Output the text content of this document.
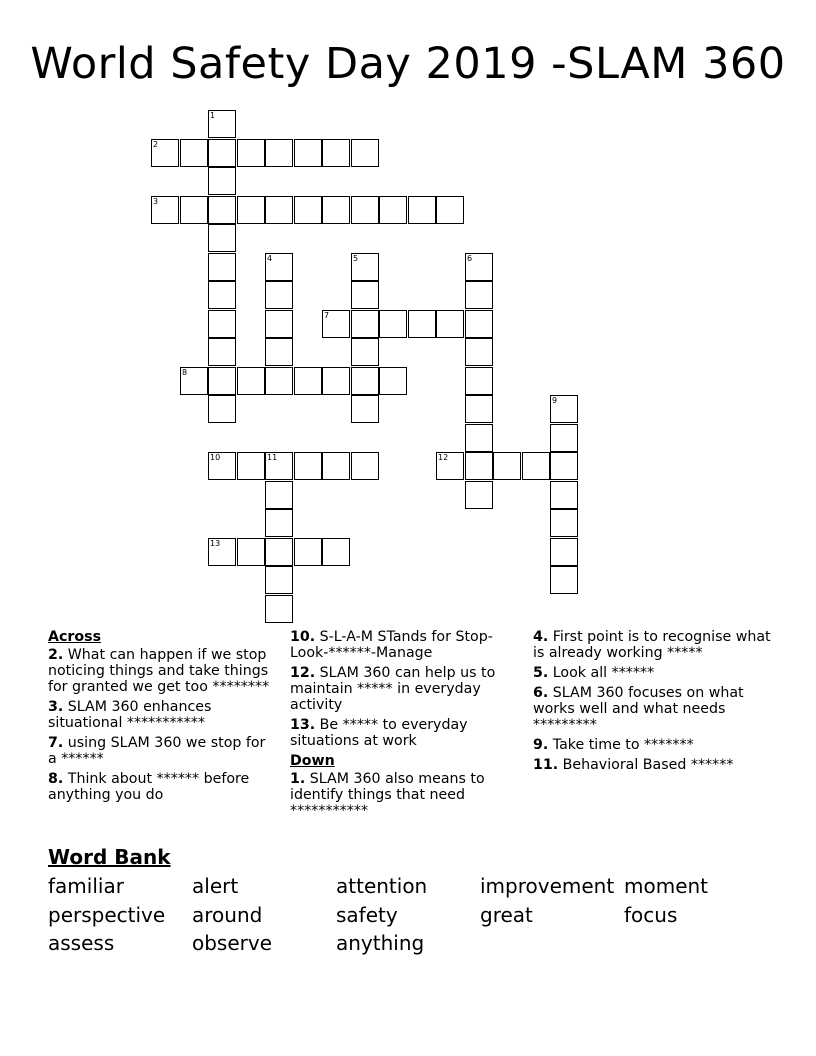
World Safety Day 2019 -SLAM 360
1
2
3
4	5	6
7
8
9
10	11	12
13

Across

2. What can happen if we stop noticing things and take things for granted we get too ********

3. SLAM 360 enhances situational ***********

7. using SLAM 360 we stop for a ******

8. Think about ****** before anything you do

10. S-L-A-M STands for Stop-Look-******-Manage

12. SLAM 360 can help us to maintain ***** in everyday activity

13. Be ***** to everyday situations at work

Down

1. SLAM 360 also means to identify things that need ***********

4. First point is to recognise what is already working *****

5. Look all ******

6. SLAM 360 focuses on what works well and what needs *********

9. Take time to *******

11. Behavioral Based ******

Word Bank
familiar	alert	attention	improvement moment
perspective around	safety	great	focus
assess	observe	anything
